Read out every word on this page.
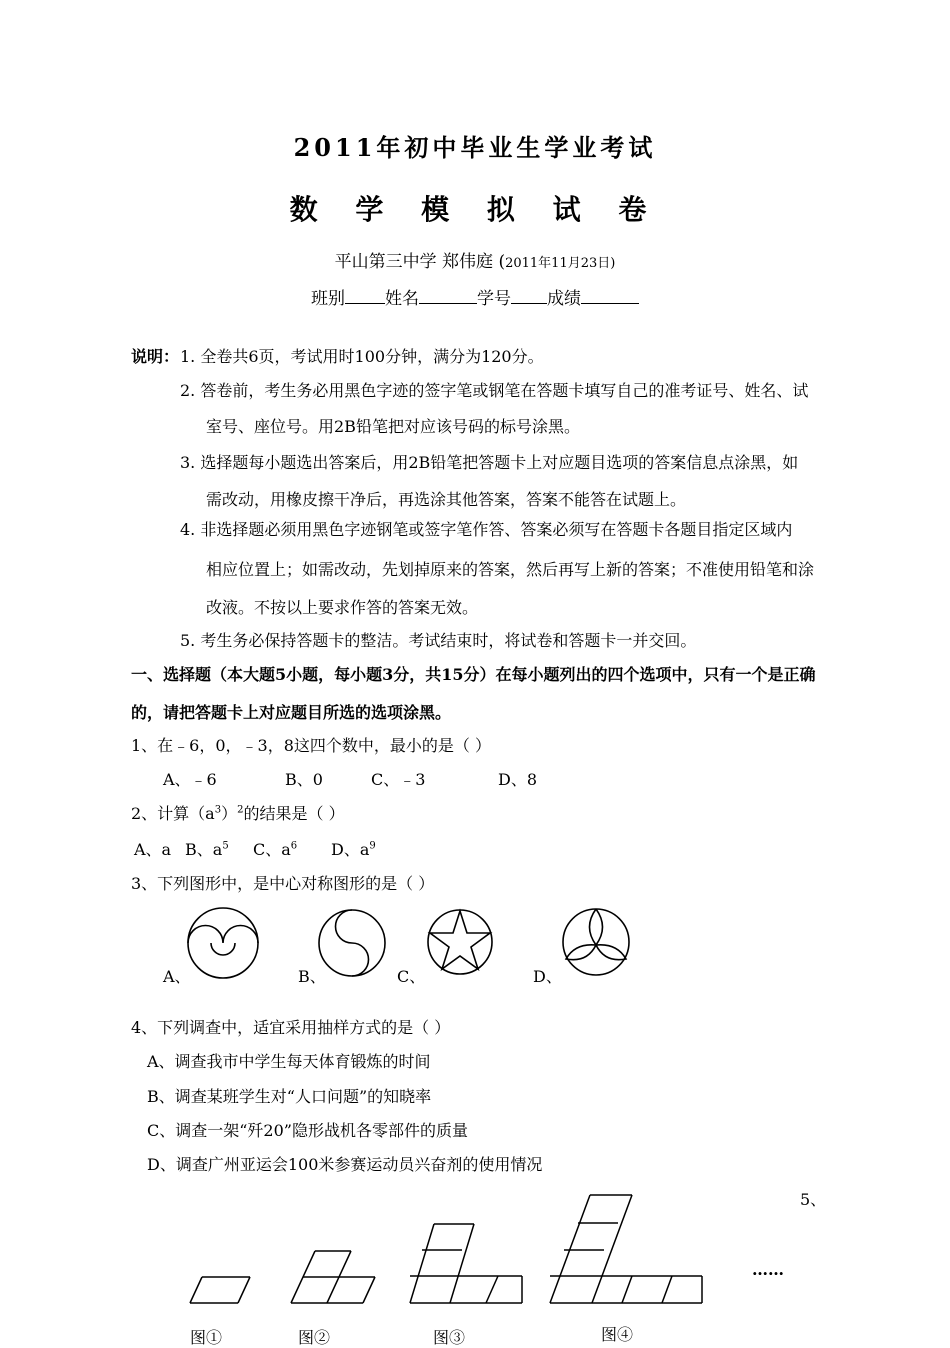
2011年初中毕业生学业考试
数 学 模 拟 试 卷
平山第三中学 郑伟庭 (2011年11月23日)
班别 姓名	学号 成绩
说明： 1. 全卷共6页，考试用时100分钟，满分为120分。
2. 答卷前，考生务必用黑色字迹的签字笔或钢笔在答题卡填写自己的准考证号、姓名、试
室号、座位号。用2B铅笔把对应该号码的标号涂黑。
3. 选择题每小题选出答案后，用2B铅笔把答题卡上对应题目选项的答案信息点涂黑，如
需改动，用橡皮擦干净后，再选涂其他答案，答案不能答在试题上。
4. 非选择题必须用黑色字迹钢笔或签字笔作答、答案必须写在答题卡各题目指定区域内
相应位置上；如需改动，先划掉原来的答案，然后再写上新的答案；不准使用铅笔和涂
改液。不按以上要求作答的答案无效。
5. 考生务必保持答题卡的整洁。考试结束时，将试卷和答题卡一并交回。
一、选择题（本大题5小题，每小题3分，共15分）在每小题列出的四个选项中，只有一个是正确
的，请把答题卡上对应题目所选的选项涂黑。
1、在﹣6，0，﹣3，8这四个数中，最小的是（ ）
A、﹣6	B、0	C、﹣3	D、8
2、计算$(a^3)^2$的结果是（ ）
A、a B、$a^5$ C、$a^6$ D、$a^9$
3、下列图形中，是中心对称图形的是（ ）
A、	B、	C、	D、
4、下列调查中，适宜采用抽样方式的是（ ）
A、调查我市中学生每天体育锻炼的时间
B、调查某班学生对“人口问题”的知晓率
C、调查一架“歼20”隐形战机各零部件的质量
D、调查广州亚运会100米参赛运动员兴奋剂的使用情况
5、
……
图①	图②	图③	图④
